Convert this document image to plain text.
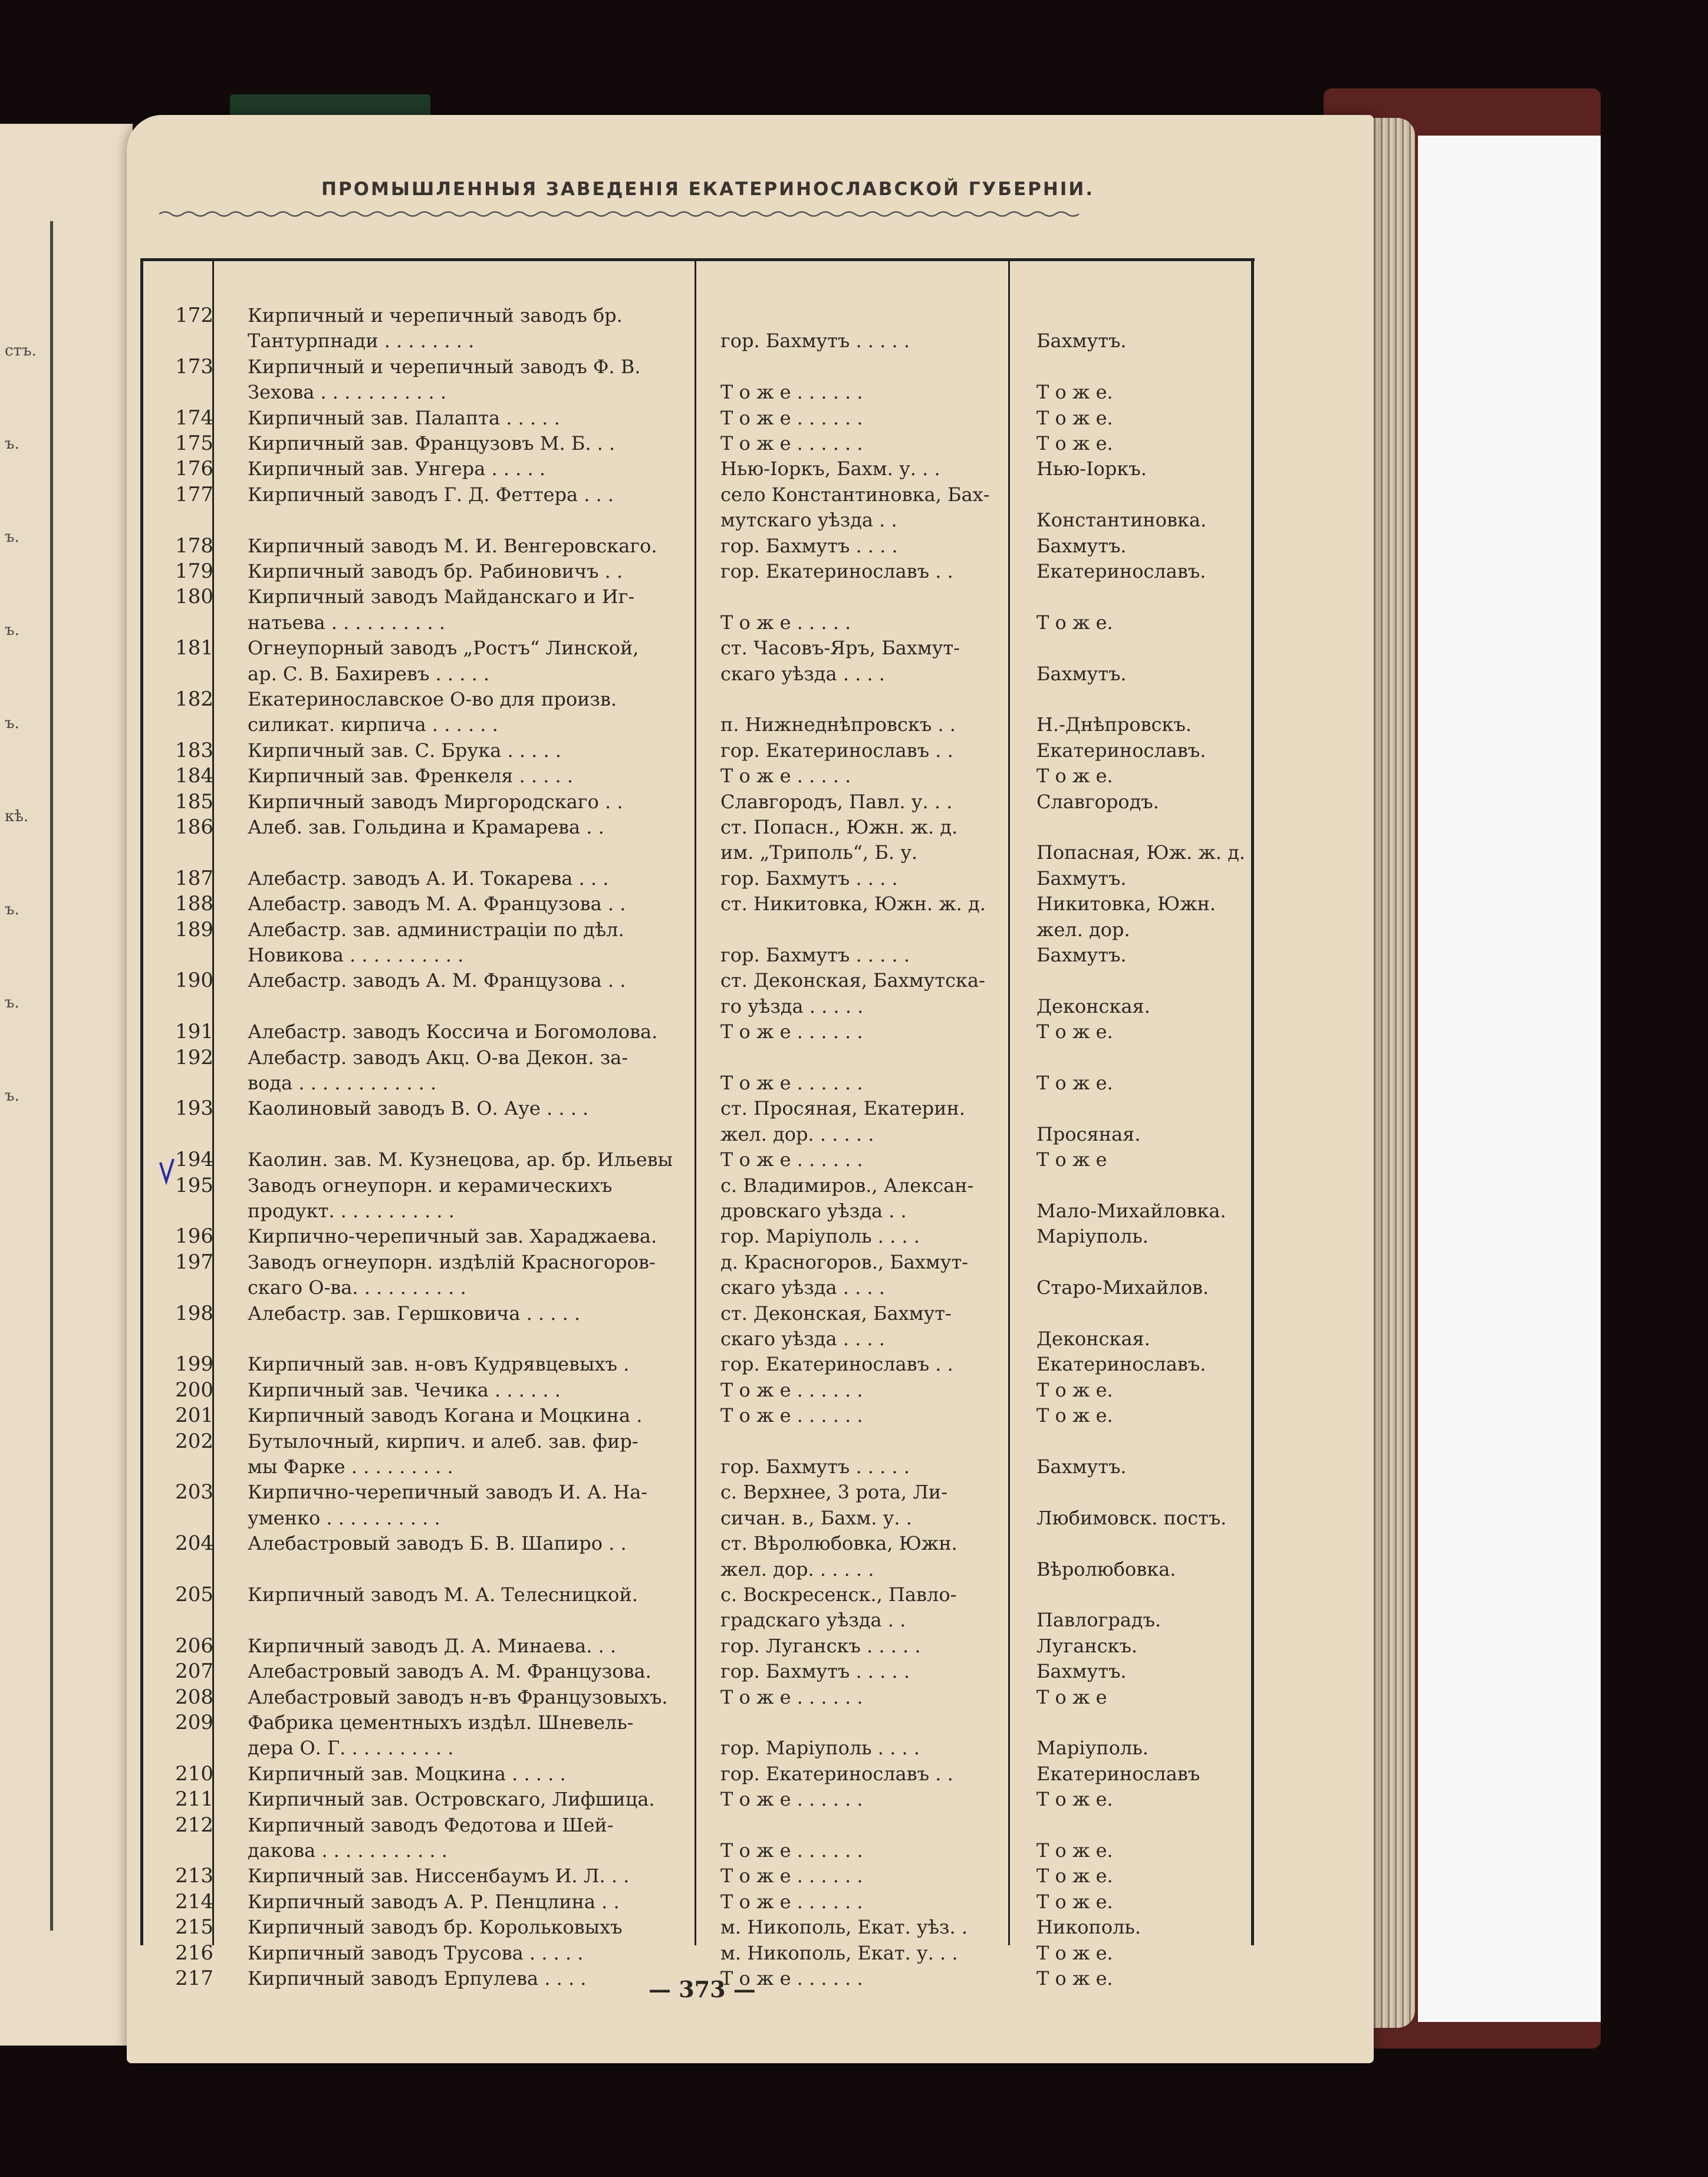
стъ.
ъ.
ъ.
ъ.
ъ.
кѣ.
ъ.
ъ.
ъ.
ПРОМЫШЛЕННЫЯ ЗАВЕДЕНІЯ ЕКАТЕРИНОСЛАВСКОЙ ГУБЕРНІИ.
172 Кирпичный и черепичный заводъ бр.
Тантурпнади . . . . . . . .	гор. Бахмутъ . . . . .	Бахмутъ.
173 Кирпичный и черепичный заводъ Ф. В.
Зехова . . . . . . . . . . .	Т о ж е . . . . . .	Т о ж е.
174 Кирпичный зав. Палапта . . . . .	Т о ж е . . . . . .	Т о ж е.
175 Кирпичный зав. Французовъ М. Б. . .	Т о ж е . . . . . .	Т о ж е.
176 Кирпичный зав. Унгера . . . . .	Нью-Іоркъ, Бахм. у. . .	Нью-Іоркъ.
177 Кирпичный заводъ Г. Д. Феттера . . .	село Константиновка, Бах-
мутскаго уѣзда . .	Константиновка.
178 Кирпичный заводъ М. И. Венгеровскаго.	гор. Бахмутъ . . . .	Бахмутъ.
179 Кирпичный заводъ бр. Рабиновичъ . .	гор. Екатеринославъ . .	Екатеринославъ.
180 Кирпичный заводъ Майданскаго и Иг-
натьева . . . . . . . . . .	Т о ж е . . . . .	Т о ж е.
181 Огнеупорный заводъ „Ростъ“ Линской,	ст. Часовъ-Яръ, Бахмут-
ар. С. В. Бахиревъ . . . . .	скаго уѣзда . . . .	Бахмутъ.
182 Екатеринославское О-во для произв.
силикат. кирпича . . . . . .	п. Нижнеднѣпровскъ . .	Н.-Днѣпровскъ.
183 Кирпичный зав. С. Брука . . . . .	гор. Екатеринославъ . .	Екатеринославъ.
184 Кирпичный зав. Френкеля . . . . .	Т о ж е . . . . .	Т о ж е.
185 Кирпичный заводъ Миргородскаго . .	Славгородъ, Павл. у. . .	Славгородъ.
186 Алеб. зав. Гольдина и Крамарева . .	ст. Попасн., Южн. ж. д.
им. „Триполь“, Б. у.	Попасная, Юж. ж. д.
187 Алебастр. заводъ А. И. Токарева . . .	гор. Бахмутъ . . . .	Бахмутъ.
188 Алебастр. заводъ М. А. Французова . .	ст. Никитовка, Южн. ж. д.	Никитовка, Южн.
189 Алебастр. зав. администраціи по дѣл.	жел. дор.
Новикова . . . . . . . . . .	гор. Бахмутъ . . . . .	Бахмутъ.
190 Алебастр. заводъ А. М. Французова . .	ст. Деконская, Бахмутска-
го уѣзда . . . . .	Деконская.
191 Алебастр. заводъ Коссича и Богомолова.	Т о ж е . . . . . .	Т о ж е.
192 Алебастр. заводъ Акц. О-ва Декон. за-
вода . . . . . . . . . . . .	Т о ж е . . . . . .	Т о ж е.
193 Каолиновый заводъ В. О. Ауе . . . .	ст. Просяная, Екатерин.
жел. дор. . . . . .	Просяная.
194 Каолин. зав. М. Кузнецова, ар. бр. Ильевы	Т о ж е . . . . . .	Т о ж е
195 Заводъ огнеупорн. и керамическихъ	с. Владимиров., Алексан-
продукт. . . . . . . . . . .	дровскаго уѣзда . .	Мало-Михайловка.
196 Кирпично-черепичный зав. Хараджаева.	гор. Маріуполь . . . .	Маріуполь.
197 Заводъ огнеупорн. издѣлій Красногоров-	д. Красногоров., Бахмут-
скаго О-ва. . . . . . . . . .	скаго уѣзда . . . .	Старо-Михайлов.
198 Алебастр. зав. Гершковича . . . . .	ст. Деконская, Бахмут-
скаго уѣзда . . . .	Деконская.
199 Кирпичный зав. н-овъ Кудрявцевыхъ .	гор. Екатеринославъ . .	Екатеринославъ.
200 Кирпичный зав. Чечика . . . . . .	Т о ж е . . . . . .	Т о ж е.
201 Кирпичный заводъ Когана и Моцкина .	Т о ж е . . . . . .	Т о ж е.
202 Бутылочный, кирпич. и алеб. зав. фир-
мы Фарке . . . . . . . . .	гор. Бахмутъ . . . . .	Бахмутъ.
203 Кирпично-черепичный заводъ И. А. На-	с. Верхнее, 3 рота, Ли-
уменко . . . . . . . . . .	сичан. в., Бахм. у. .	Любимовск. постъ.
204 Алебастровый заводъ Б. В. Шапиро . .	ст. Вѣролюбовка, Южн.
жел. дор. . . . . .	Вѣролюбовка.
205 Кирпичный заводъ М. А. Телесницкой.	с. Воскресенск., Павло-
градскаго уѣзда . .	Павлоградъ.
206 Кирпичный заводъ Д. А. Минаева. . .	гор. Луганскъ . . . . .	Луганскъ.
207 Алебастровый заводъ А. М. Французова.	гор. Бахмутъ . . . . .	Бахмутъ.
208 Алебастровый заводъ н-въ Французовыхъ.	Т о ж е . . . . . .	Т о ж е
209 Фабрика цементныхъ издѣл. Шневель-
дера О. Г. . . . . . . . . .	гор. Маріуполь . . . .	Маріуполь.
210 Кирпичный зав. Моцкина . . . . .	гор. Екатеринославъ . .	Екатеринославъ
211 Кирпичный зав. Островскаго, Лифшица.	Т о ж е . . . . . .	Т о ж е.
212 Кирпичный заводъ Федотова и Шей-
дакова . . . . . . . . . . .	Т о ж е . . . . . .	Т о ж е.
213 Кирпичный зав. Ниссенбаумъ И. Л. . .	Т о ж е . . . . . .	Т о ж е.
214 Кирпичный заводъ А. Р. Пенцлина . .	Т о ж е . . . . . .	Т о ж е.
215 Кирпичный заводъ бр. Корольковыхъ	м. Никополь, Екат. уѣз. .	Никополь.
216 Кирпичный заводъ Трусова . . . . .	м. Никополь, Екат. у. . .	Т о ж е.
217 Кирпичный заводъ Ерпулева . . . .	Т о ж е . . . . . .	Т о ж е.
— 373 —
